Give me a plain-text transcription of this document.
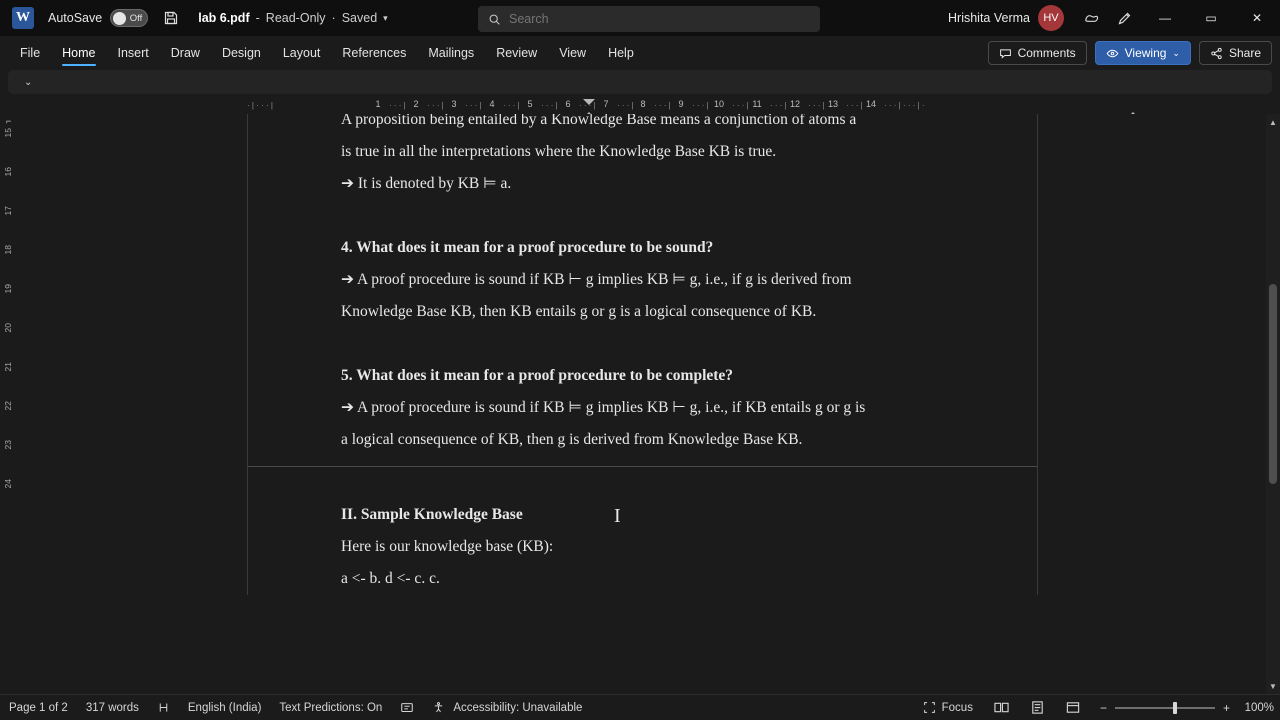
W	AutoSave	Off	lab 6.pdf - Read-Only · Saved ▾
Search	Hrishita Verma	HV	—	▭	✕
File	Home	Insert	Draw	Design	Layout	References	Mailings	Review	View	Help	Comments	Viewing ⌄	Share
⌄
· | · · · |	1 · · · | 2 · · · | 3 · · · | 4 · · · | 5 · · · | 6 · · · | 7 · · · | 8 · · · | 9 · · · | 10 · · · | 11 · · · | 12 · · · | 13 · · · | 14 · · · | · · · | ·
⌐
15
16
17
18
19
20
21
22
23
24

A proposition being entailed by a Knowledge Base means a conjunction of atoms a

is true in all the interpretations where the Knowledge Base KB is true.

➔ It is denoted by KB ⊨ a.

4. What does it mean for a proof procedure to be sound?

➔ A proof procedure is sound if KB ⊢ g implies KB ⊨ g, i.e., if g is derived from

Knowledge Base KB, then KB entails g or g is a logical consequence of KB.

5. What does it mean for a proof procedure to be complete?

➔ A proof procedure is sound if KB ⊨ g implies KB ⊢ g, i.e., if KB entails g or g is

a logical consequence of KB, then g is derived from Knowledge Base KB.

II. Sample Knowledge Base

Here is our knowledge base (KB):

a <- b. d <- c. c.

I
▲
▼
Page 1 of 2	317 words	English (India)	Text Predictions: On	Accessibility: Unavailable	Focus	−	+	100%
